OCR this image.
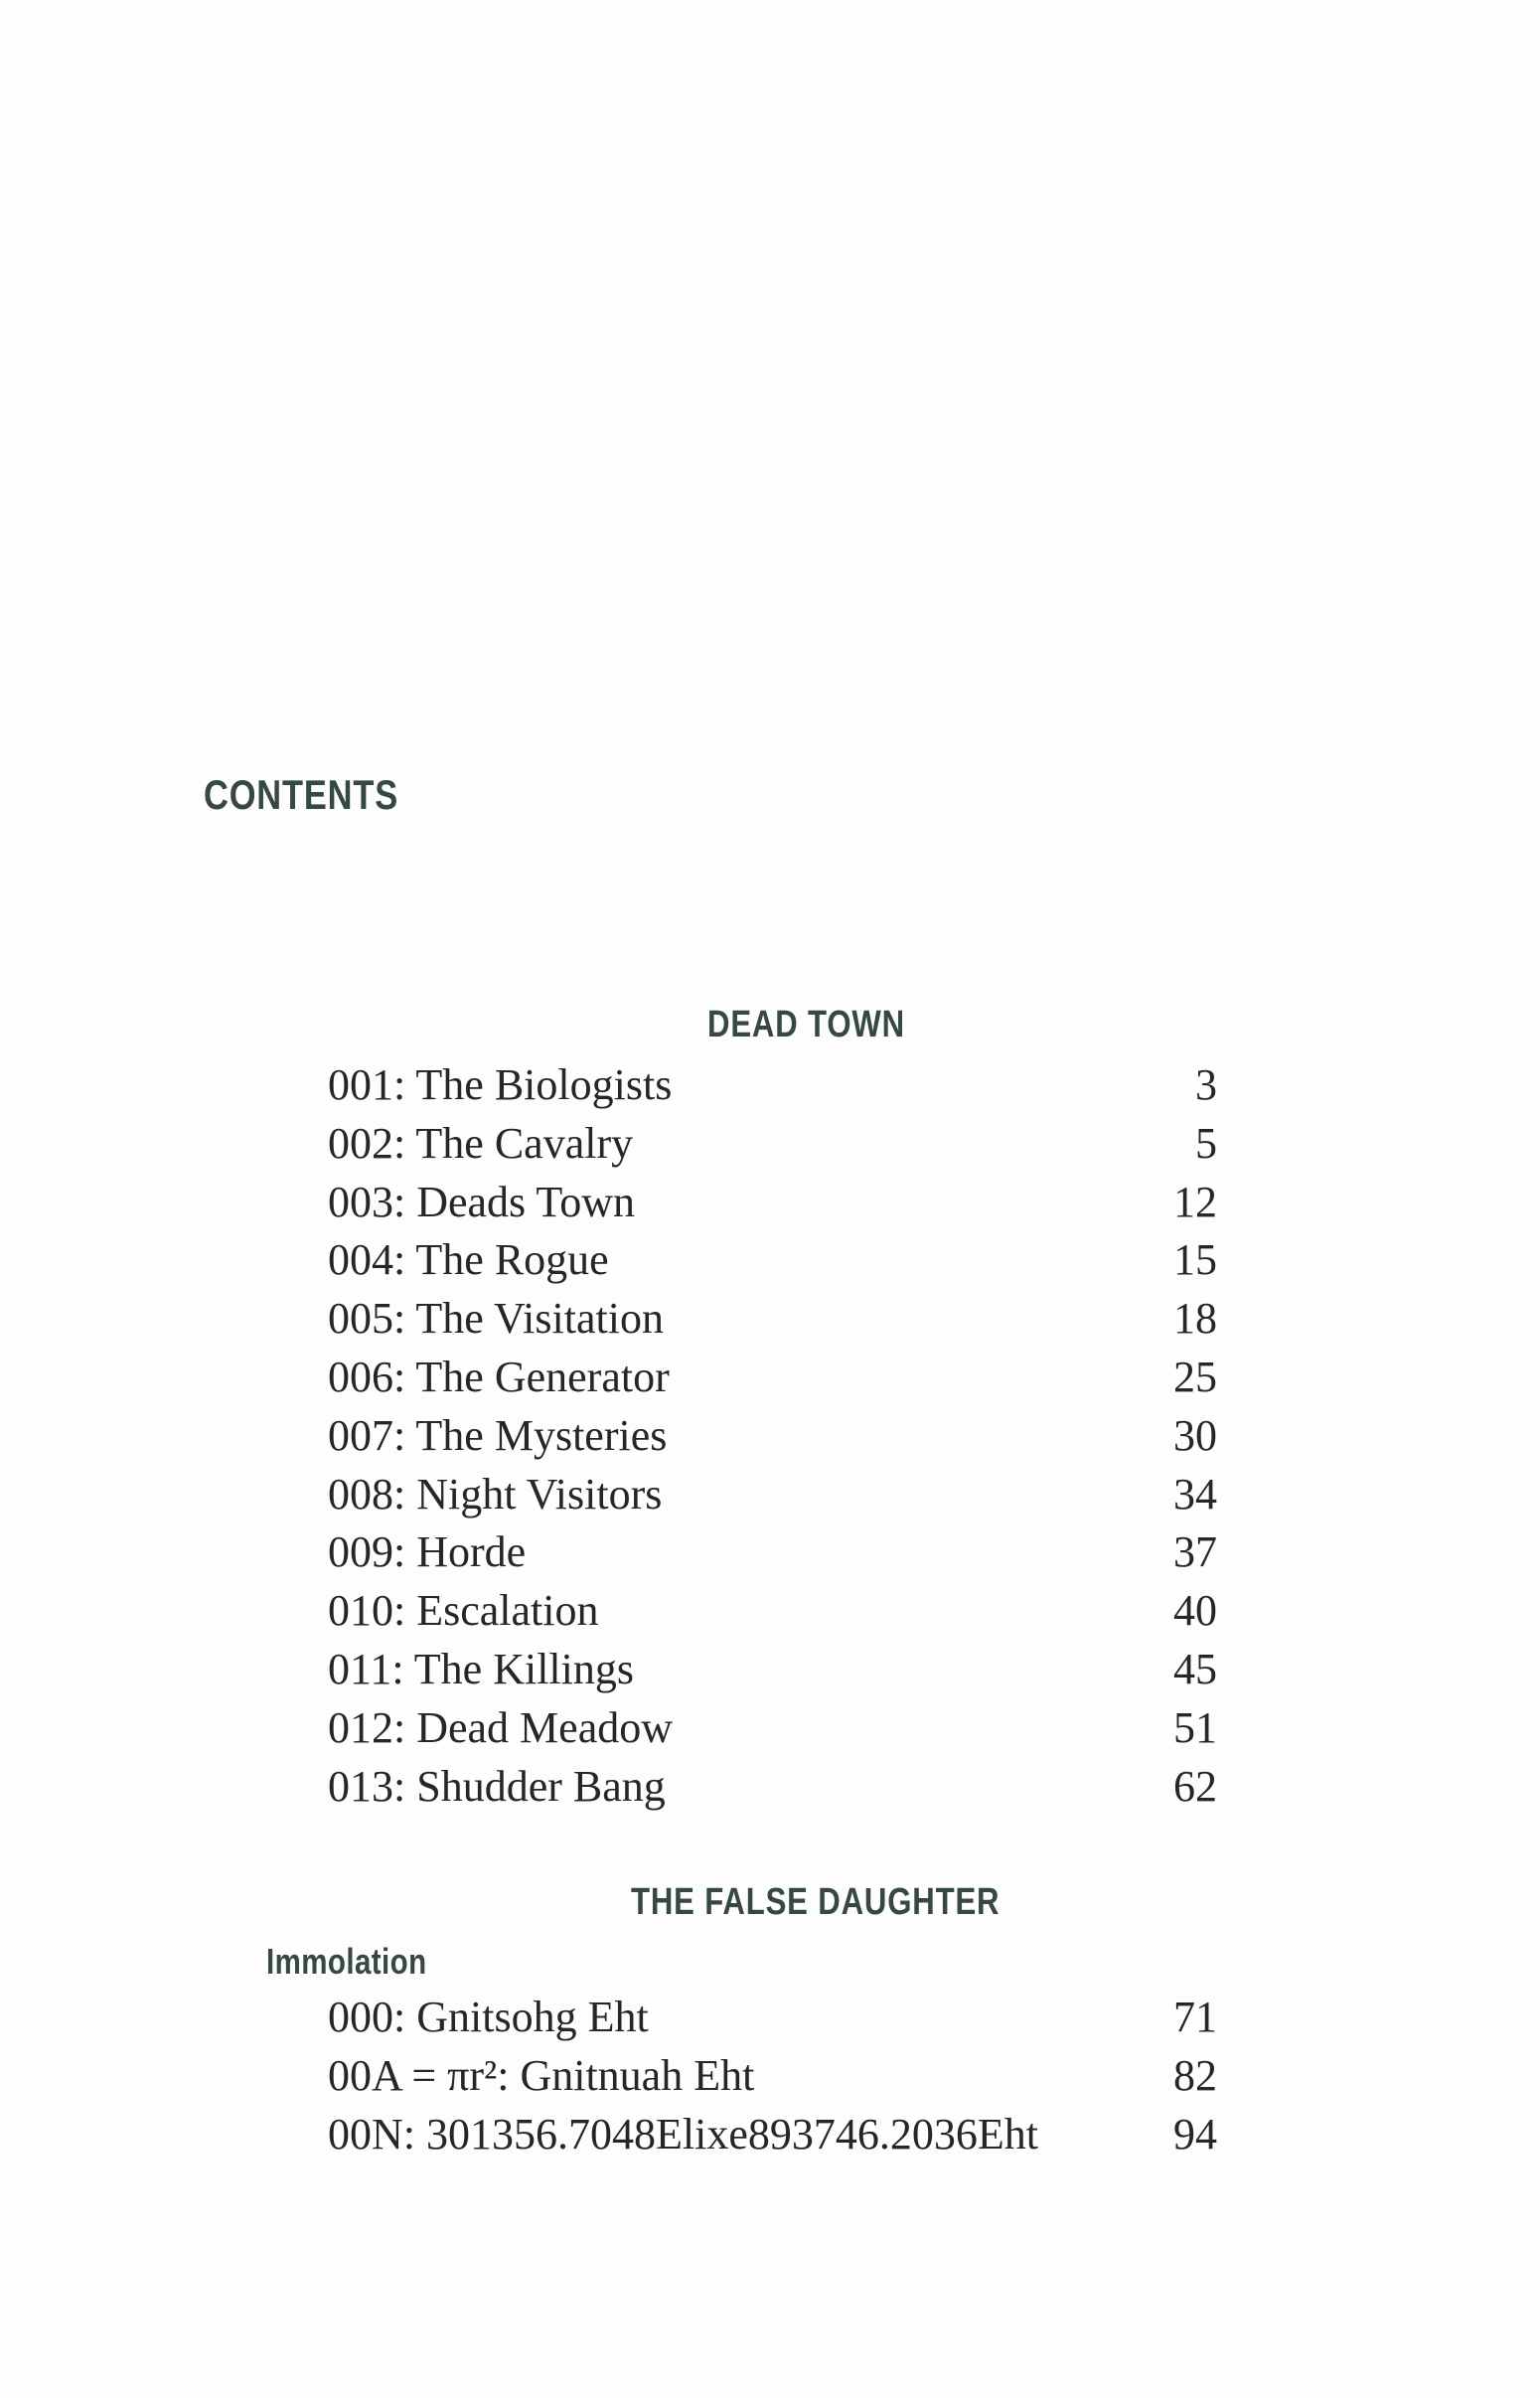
CONTENTS
DEAD TOWN
001: The Biologists	3
002: The Cavalry	5
003: Deads Town	12
004: The Rogue	15
005: The Visitation	18
006: The Generator	25
007: The Mysteries	30
008: Night Visitors	34
009: Horde	37
010: Escalation	40
011: The Killings	45
012: Dead Meadow	51
013: Shudder Bang	62
THE FALSE DAUGHTER
Immolation
000: Gnitsohg Eht	71
00A = πr²: Gnitnuah Eht	82
00N: 301356.7048Elixe893746.2036Eht	94
